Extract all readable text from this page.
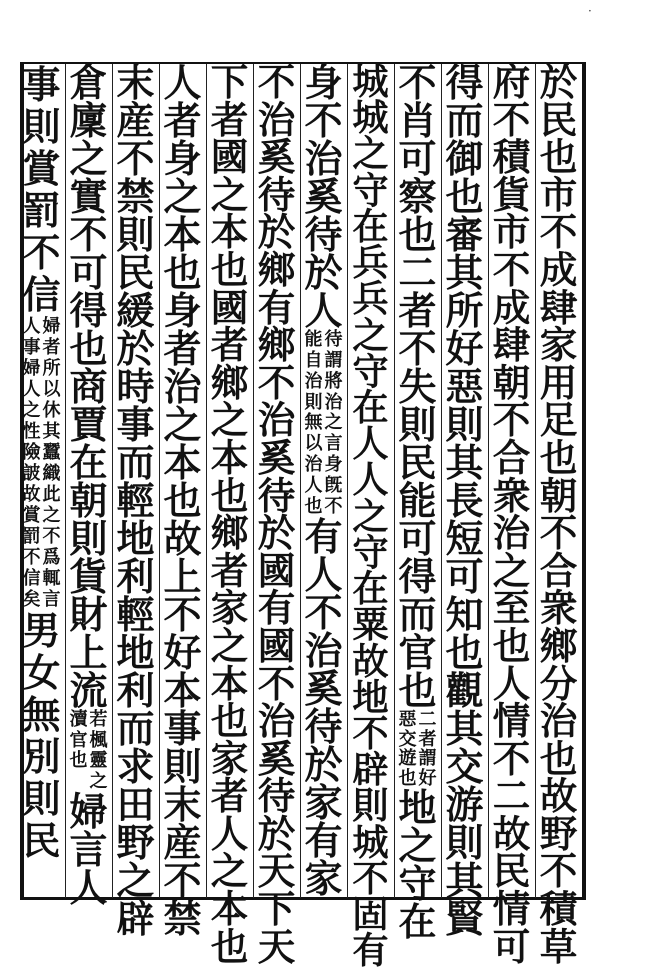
·
於
民
也
市
不
成
肆
家
用
足
也
朝
不
合
衆
鄉
分
治
也
故
野
不
積
草
府
不
積
貨
市
不
成
肆
朝
不
合
衆
治
之
至
也
人
情
不
二
故
民
情
可
得
而
御
也
審
其
所
好
惡
則
其
長
短
可
知
也
觀
其
交
游
則
其
賢
不
肖
可
察
也
二
者
不
失
則
民
能
可
得
而
官
也
二
者
謂
好
惡
交
遊
也
地
之
守
在
城
城
之
守
在
兵
兵
之
守
在
人
人
之
守
在
粟
故
地
不
辟
則
城
不
固
有
身
不
治
奚
待
於
人
待
謂
將
治
之
言
身
旣
不
能
自
治
則
無
以
治
人
也
有
人
不
治
奚
待
於
家
有
家
不
治
奚
待
於
鄉
有
鄉
不
治
奚
待
於
國
有
國
不
治
奚
待
於
天
下
天
下
者
國
之
本
也
國
者
鄉
之
本
也
鄉
者
家
之
本
也
家
者
人
之
本
也
人
者
身
之
本
也
身
者
治
之
本
也
故
上
不
好
本
事
則
末
産
不
禁
末
産
不
禁
則
民
緩
於
時
事
而
輕
地
利
輕
地
利
而
求
田
野
之
辟
倉
廩
之
實
不
可
得
也
商
賈
在
朝
則
貨
財
上
流
若
楓
靈
之
瀆
官
也
婦
言
人
事
則
賞
罰
不
信
婦
者
所
以
休
其
蠶
織
此
之
不
爲
輒
言
人
事
婦
人
之
性
險
詖
故
賞
罰
不
信
矣
男
女
無
別
則
民
